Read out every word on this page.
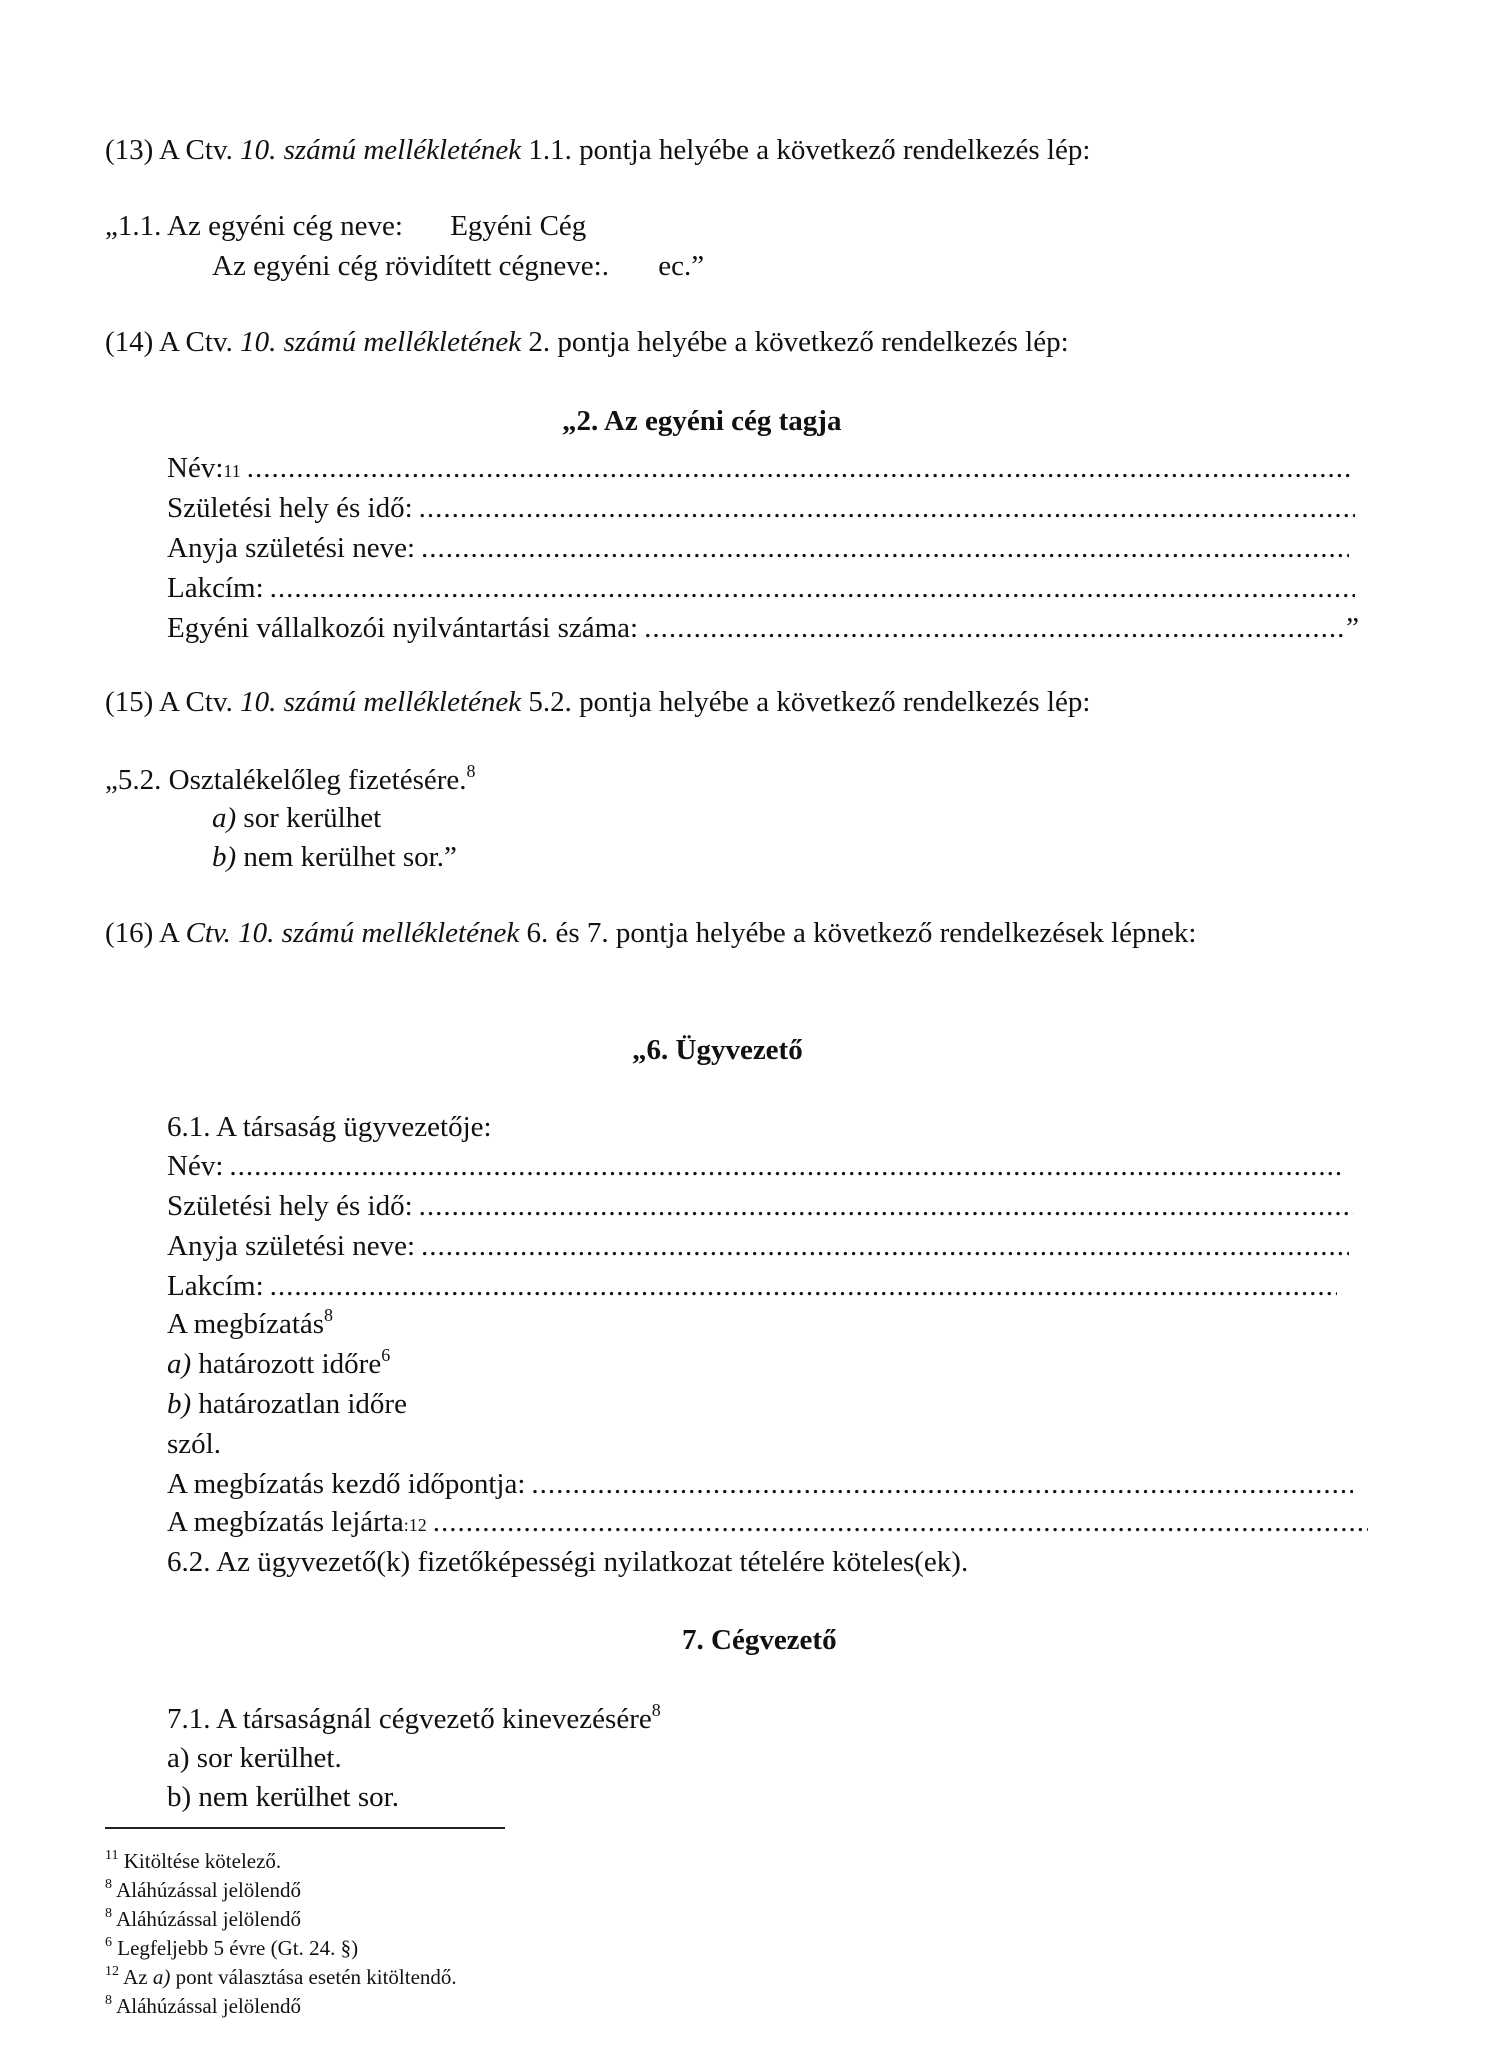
(13) A Ctv. 10. számú mellékletének 1.1. pontja helyébe a következő rendelkezés lép:
„1.1. Az egyéni cég neve: Egyéni Cég
Az egyéni cég rövidített cégneve:. ec.”
(14) A Ctv. 10. számú mellékletének 2. pontja helyébe a következő rendelkezés lép:
„2. Az egyéni cég tagja
Név: 11
.....
Születési hely és idő:
.....
Anyja születési neve:
.....
Lakcím:
.....
Egyéni vállalkozói nyilvántartási száma:
.....	”
(15) A Ctv. 10. számú mellékletének 5.2. pontja helyébe a következő rendelkezés lép:
„5.2. Osztalékelőleg fizetésére.$^8$
a) sor kerülhet
b) nem kerülhet sor.”
(16) A Ctv. 10. számú mellékletének 6. és 7. pontja helyébe a következő rendelkezések lépnek:
„6. Ügyvezető
6.1. A társaság ügyvezetője:
Név:
.....
Születési hely és idő:
.....
Anyja születési neve:
.....
Lakcím:
.....
A megbízatás$^8$
a) határozott időre$^6$
b) határozatlan időre
szól.
A megbízatás kezdő időpontja:
.....
A megbízatás lejárta :12
.....
6.2. Az ügyvezető(k) fizetőképességi nyilatkozat tételére köteles(ek).
7. Cégvezető
7.1. A társaságnál cégvezető kinevezésére$^8$
a) sor kerülhet.
b) nem kerülhet sor.
$^{11}$ Kitöltése kötelező.
$^8$ Aláhúzással jelölendő
$^8$ Aláhúzással jelölendő
$^6$ Legfeljebb 5 évre (Gt. 24. §)
$^{12}$ Az a) pont választása esetén kitöltendő.
$^8$ Aláhúzással jelölendő
